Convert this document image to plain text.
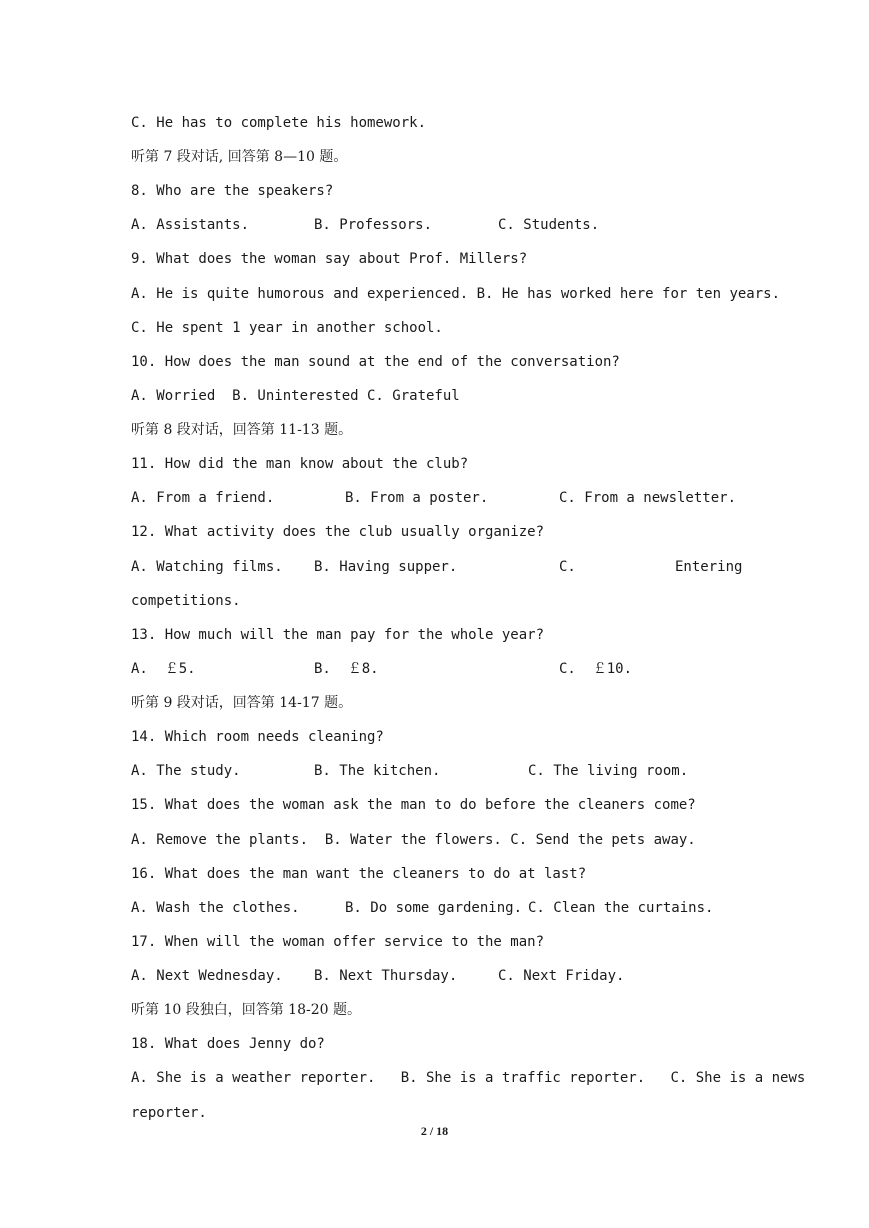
C. He has to complete his homework.
听第 7 段对话, 回答第 8—10 题。
8. Who are the speakers?
A. Assistants.	B. Professors.	C. Students.
9. What does the woman say about Prof. Millers?
A. He is quite humorous and experienced. B. He has worked here for ten years.
C. He spent 1 year in another school.
10. How does the man sound at the end of the conversation?
A. Worried  B. Uninterested C. Grateful
听第 8 段对话，回答第 11-13 题。
11. How did the man know about the club?
A. From a friend.	B. From a poster.	C. From a newsletter.
12. What activity does the club usually organize?
A. Watching films. B. Having supper.	C.	Entering
competitions.
13. How much will the man pay for the whole year?
A.  ￡5.	B.  ￡8.	C.  ￡10.
听第 9 段对话，回答第 14-17 题。
14. Which room needs cleaning?
A. The study.	B. The kitchen.	C. The living room.
15. What does the woman ask the man to do before the cleaners come?
A. Remove the plants.  B. Water the flowers. C. Send the pets away.
16. What does the man want the cleaners to do at last?
A. Wash the clothes.	B. Do some gardening. C. Clean the curtains.
17. When will the woman offer service to the man?
A. Next Wednesday. B. Next Thursday.	C. Next Friday.
听第 10 段独白，回答第 18-20 题。
18. What does Jenny do?
A. She is a weather reporter.   B. She is a traffic reporter.   C. She is a news
reporter.
2 / 18
